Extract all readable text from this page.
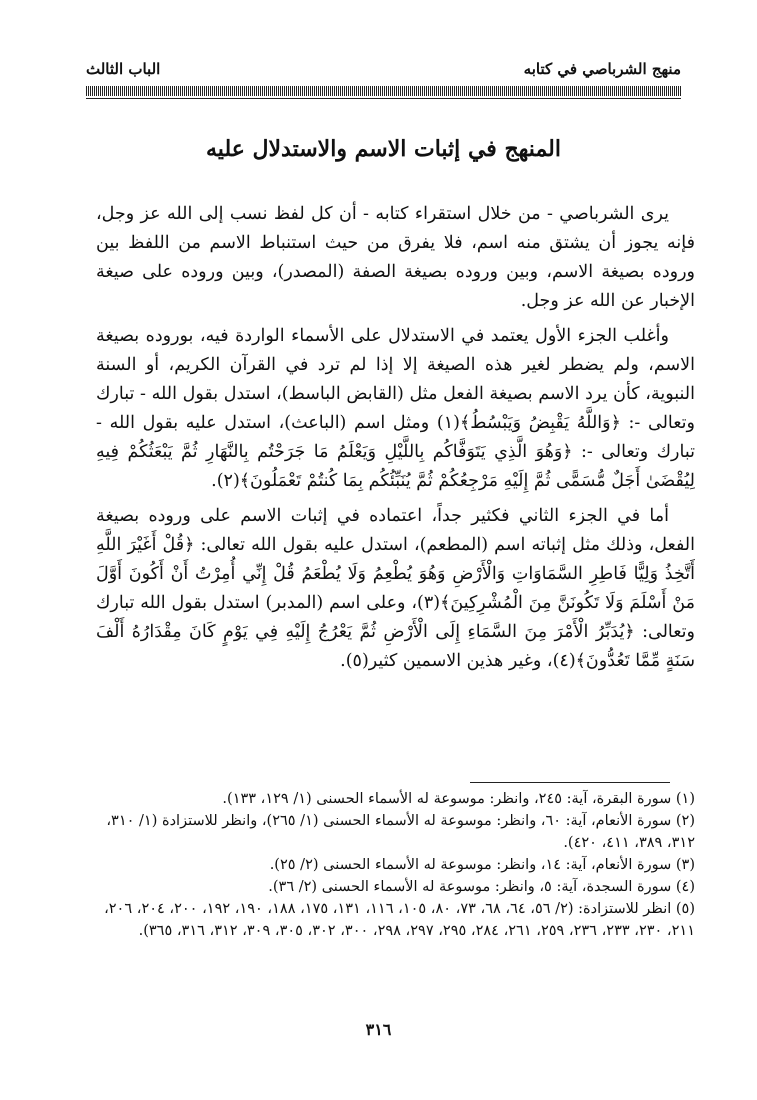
منهج الشرباصي في كتابه
الباب الثالث
المنهج في إثبات الاسم والاستدلال عليه

يرى الشرباصي - من خلال استقراء كتابه - أن كل لفظ نسب إلى الله عز وجل، فإنه يجوز أن يشتق منه اسم، فلا يفرق من حيث استنباط الاسم من اللفظ بين وروده بصيغة الاسم، وبين وروده بصيغة الصفة (المصدر)، وبين وروده على صيغة الإخبار عن الله عز وجل.

وأغلب الجزء الأول يعتمد في الاستدلال على الأسماء الواردة فيه، بوروده بصيغة الاسم، ولم يضطر لغير هذه الصيغة إلا إذا لم ترد في القرآن الكريم، أو السنة النبوية، كأن يرد الاسم بصيغة الفعل مثل (القابض الباسط)، استدل بقول الله - تبارك وتعالى -: ﴿وَاللَّهُ يَقْبِضُ وَيَبْسُطُ﴾(١) ومثل اسم (الباعث)، استدل عليه بقول الله - تبارك وتعالى -: ﴿وَهُوَ الَّذِي يَتَوَفَّاكُم بِاللَّيْلِ وَيَعْلَمُ مَا جَرَحْتُم بِالنَّهَارِ ثُمَّ يَبْعَثُكُمْ فِيهِ لِيُقْضَىٰ أَجَلٌ مُّسَمًّى ثُمَّ إِلَيْهِ مَرْجِعُكُمْ ثُمَّ يُنَبِّئُكُم بِمَا كُنتُمْ تَعْمَلُونَ﴾(٢).

أما في الجزء الثاني فكثير جداً، اعتماده في إثبات الاسم على وروده بصيغة الفعل، وذلك مثل إثباته اسم (المطعم)، استدل عليه بقول الله تعالى: ﴿قُلْ أَغَيْرَ اللَّهِ أَتَّخِذُ وَلِيًّا فَاطِرِ السَّمَاوَاتِ وَالْأَرْضِ وَهُوَ يُطْعِمُ وَلَا يُطْعَمُ قُلْ إِنِّي أُمِرْتُ أَنْ أَكُونَ أَوَّلَ مَنْ أَسْلَمَ وَلَا تَكُونَنَّ مِنَ الْمُشْرِكِينَ﴾(٣)، وعلى اسم (المدبر) استدل بقول الله تبارك وتعالى: ﴿يُدَبِّرُ الْأَمْرَ مِنَ السَّمَاءِ إِلَى الْأَرْضِ ثُمَّ يَعْرُجُ إِلَيْهِ فِي يَوْمٍ كَانَ مِقْدَارُهُ أَلْفَ سَنَةٍ مِّمَّا تَعُدُّونَ﴾(٤)، وغير هذين الاسمين كثير(٥).

(١) سورة البقرة، آية: ٢٤٥، وانظر: موسوعة له الأسماء الحسنى (١/ ١٢٩، ١٣٣).
(٢) سورة الأنعام، آية: ٦٠، وانظر: موسوعة له الأسماء الحسنى (١/ ٢٦٥)، وانظر للاستزادة (١/ ٣١٠، ٣١٢، ٣٨٩، ٤١١، ٤٢٠).
(٣) سورة الأنعام، آية: ١٤، وانظر: موسوعة له الأسماء الحسنى (٢/ ٢٥).
(٤) سورة السجدة، آية: ٥، وانظر: موسوعة له الأسماء الحسنى (٢/ ٣٦).
(٥) انظر للاستزادة: (٢/ ٥٦، ٦٤، ٦٨، ٧٣، ٨٠، ١٠٥، ١١٦، ١٣١، ١٧٥، ١٨٨، ١٩٠، ١٩٢، ٢٠٠، ٢٠٤، ٢٠٦، ٢١١، ٢٣٠، ٢٣٣، ٢٣٦، ٢٥٩، ٢٦١، ٢٨٤، ٢٩٥، ٢٩٧، ٢٩٨، ٣٠٠، ٣٠٢، ٣٠٥، ٣٠٩، ٣١٢، ٣١٦، ٣٦٥).
٣١٦
